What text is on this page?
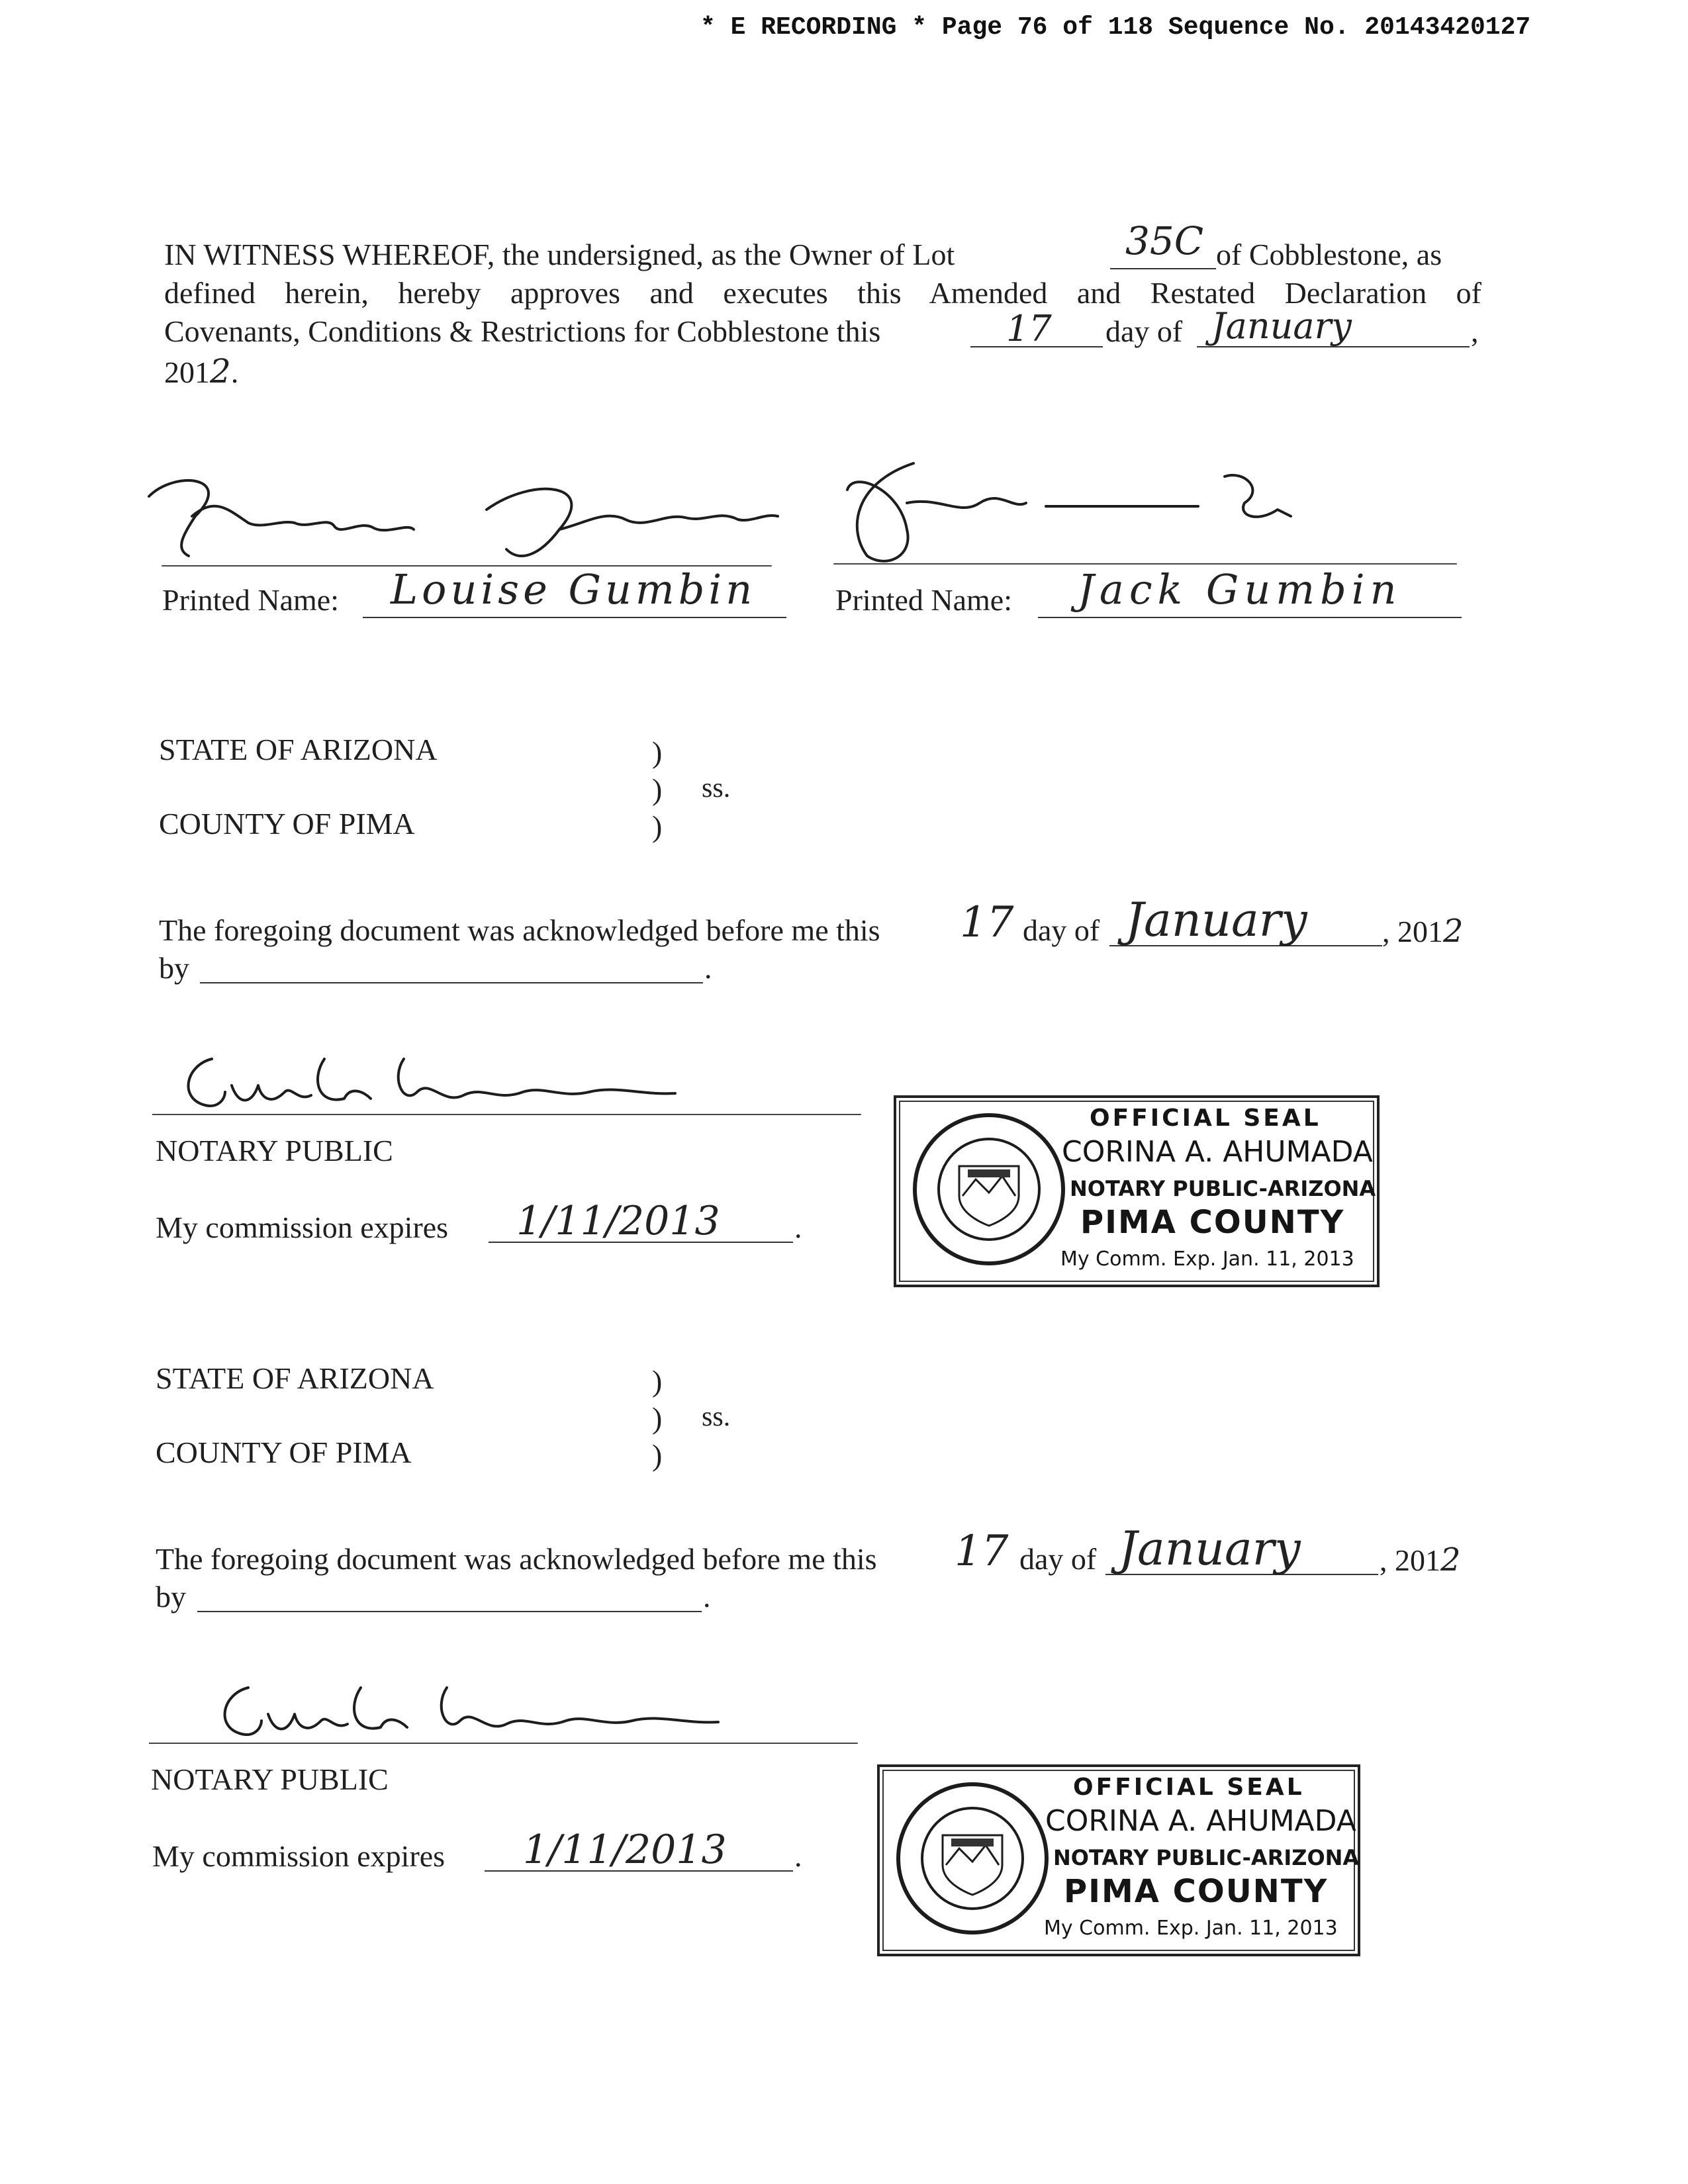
* E RECORDING * Page 76 of 118 Sequence No. 20143420127
IN WITNESS WHEREOF, the undersigned, as the Owner of Lot	35C of Cobblestone, as
defined herein, hereby approves and executes this Amended and Restated Declaration of
Covenants, Conditions & Restrictions for Cobblestone this	17 day of January	,
2012.
Printed Name: Louise Gumbin	Printed Name: Jack Gumbin
STATE OF ARIZONA	)
) ss.
COUNTY OF PIMA	)
The foregoing document was acknowledged before me this 17 day of January , 2012
by	.
NOTARY PUBLIC
My commission expires 1/11/2013 .
OFFICIAL SEAL
CORINA A. AHUMADA
NOTARY PUBLIC-ARIZONA
PIMA COUNTY
My Comm. Exp. Jan. 11, 2013
STATE OF ARIZONA	)
) ss.
COUNTY OF PIMA	)
The foregoing document was acknowledged before me this 17 day of January	, 2012
by	.
NOTARY PUBLIC
My commission expires 1/11/2013 .
OFFICIAL SEAL
CORINA A. AHUMADA
NOTARY PUBLIC-ARIZONA
PIMA COUNTY
My Comm. Exp. Jan. 11, 2013
